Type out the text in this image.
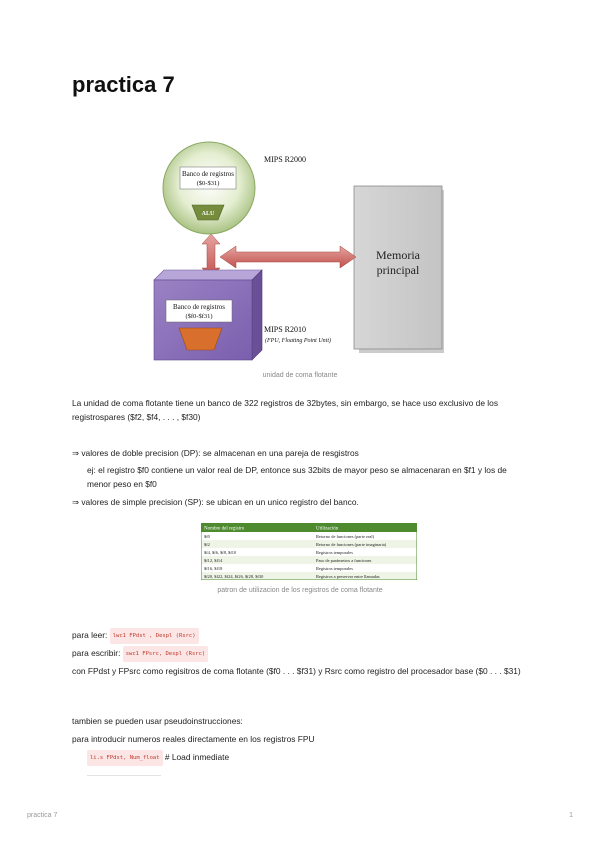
practica 7
Memoria
principal
Banco de registros
($0-$31)
ALU
MIPS R2000
Banco de registros
($f0-$f31)
MIPS R2010
(FPU, Floating Point Unit)
unidad de coma flotante
La unidad de coma flotante tiene un banco de 322 registros de 32bytes, sin embargo, se hace uso exclusivo de los registrospares ($f2, $f4, . . . , $f30)
⇒ valores de doble precision (DP): se almacenan en una pareja de resgistros
ej: el registro $f0 contiene un valor real de DP, entonce sus 32bits de mayor peso se almacenaran en $f1 y los de menor peso en $f0
⇒ valores de simple precision (SP): se ubican en un unico registro del banco.
Nombre del registro	Utilización
$f0	Retorno de funciones (parte real)
$f2	Retorno de funciones (parte imaginaria)
$f4, $f6, $f8, $f10	Registros temporales
$f12, $f14	Paso de parámetros a funciones
$f16, $f18	Registros temporales
$f20, $f22, $f24, $f26, $f28, $f30	Registros a preservar entre llamadas
patron de utilizacion de los registros de coma flotante
para leer: lwc1 FPdst , Despl (Rsrc)
para escribir: swc1 FPsrc, Despl (Rsrc)
con FPdst y FPsrc como regisitros de coma flotante ($f0 . . . $f31) y Rsrc como registro del procesador base ($0 . . . $31)
tambien se pueden usar pseudoinstrucciones:
para introducir numeros reales directamente en los registros FPU
li.s FPdst, Num_float # Load inmediate
practica 7	1
